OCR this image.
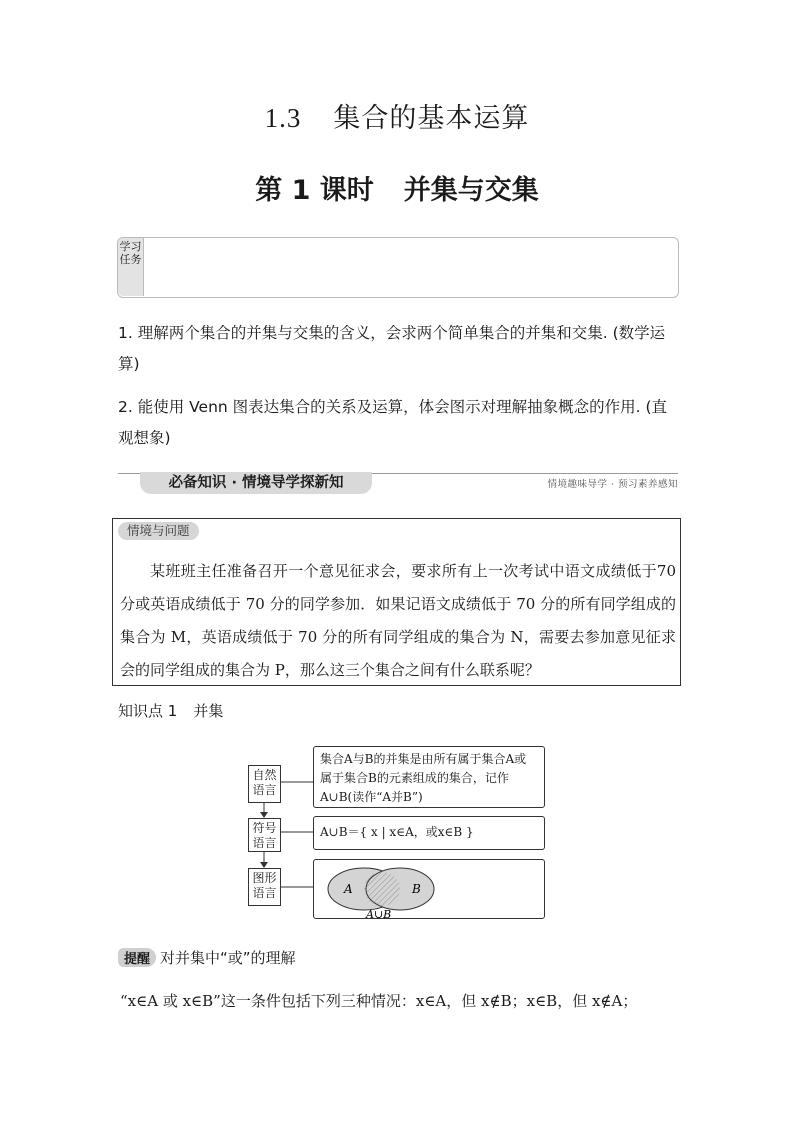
1.3 集合的基本运算
第 1 课时 并集与交集
学习任务
1. 理解两个集合的并集与交集的含义，会求两个简单集合的并集和交集. (数学运算)
2. 能使用 Venn 图表达集合的关系及运算，体会图示对理解抽象概念的作用. (直观想象)
必备知识 · 情境导学探新知	情境趣味导学 · 预习素养感知
情境与问题
某班班主任准备召开一个意见征求会，要求所有上一次考试中语文成绩低于70 分或英语成绩低于 70 分的同学参加．如果记语文成绩低于 70 分的所有同学组成的集合为 M，英语成绩低于 70 分的所有同学组成的集合为 N，需要去参加意见征求会的同学组成的集合为 P，那么这三个集合之间有什么联系呢？
知识点 1 并集
自然语言
符号语言
图形语言
集合A与B的并集是由所有属于集合A或属于集合B的元素组成的集合，记作A∪B(读作“A并B”)
A∪B＝{ x | x∈A，或x∈B }
A	B
A∪B
提醒 对并集中“或”的理解
“x∈A 或 x∈B”这一条件包括下列三种情况：x∈A，但 x∉B；x∈B，但 x∉A；
